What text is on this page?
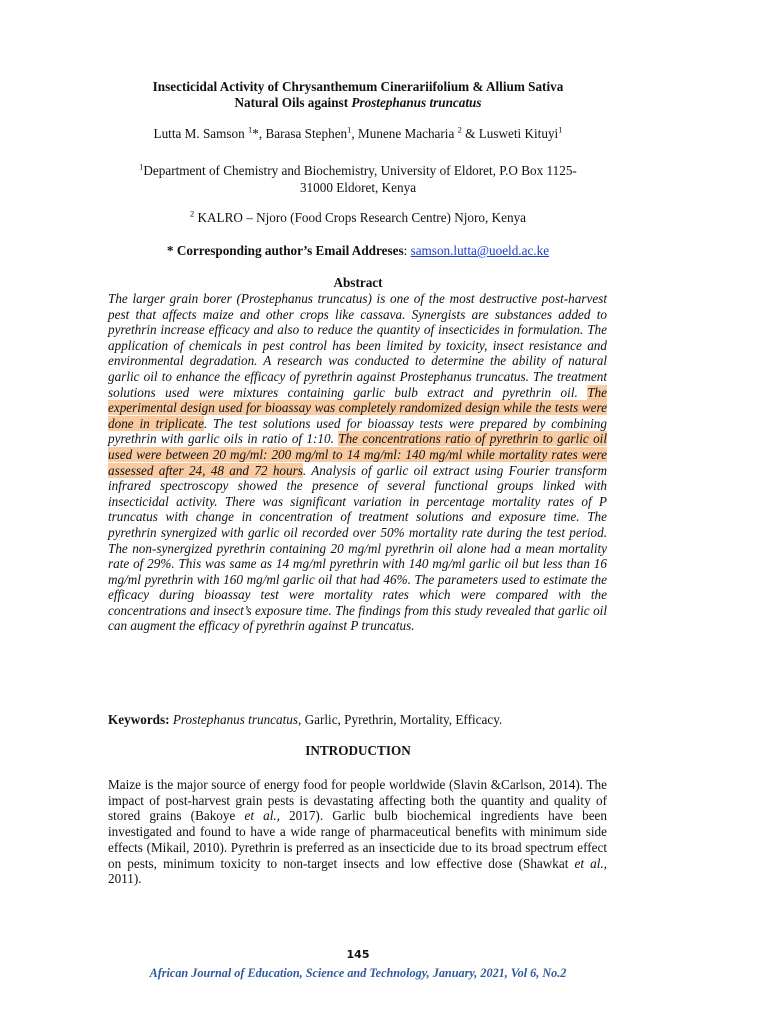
Insecticidal Activity of Chrysanthemum Cinerariifolium & Allium Sativa
Natural Oils against Prostephanus truncatus
Lutta M. Samson $^1$*, Barasa Stephen$^1$, Munene Macharia $^2$ & Lusweti Kituyi$^1$
$^1$Department of Chemistry and Biochemistry, University of Eldoret, P.O Box 1125-
31000 Eldoret, Kenya
$^2$ KALRO – Njoro (Food Crops Research Centre) Njoro, Kenya
* Corresponding author’s Email Addreses: samson.lutta@uoeld.ac.ke
Abstract
The larger grain borer (Prostephanus truncatus) is one of the most destructive post-harvest pest that affects maize and other crops like cassava. Synergists are substances added to pyrethrin increase efficacy and also to reduce the quantity of insecticides in formulation. The application of chemicals in pest control has been limited by toxicity, insect resistance and environmental degradation. A research was conducted to determine the ability of natural garlic oil to enhance the efficacy of pyrethrin against Prostephanus truncatus. The treatment solutions used were mixtures containing garlic bulb extract and pyrethrin oil. The experimental design used for bioassay was completely randomized design while the tests were done in triplicate. The test solutions used for bioassay tests were prepared by combining pyrethrin with garlic oils in ratio of 1:10. The concentrations ratio of pyrethrin to garlic oil used were between 20 mg/ml: 200 mg/ml to 14 mg/ml: 140 mg/ml while mortality rates were assessed after 24, 48 and 72 hours. Analysis of garlic oil extract using Fourier transform infrared spectroscopy showed the presence of several functional groups linked with insecticidal activity. There was significant variation in percentage mortality rates of P truncatus with change in concentration of treatment solutions and exposure time. The pyrethrin synergized with garlic oil recorded over 50% mortality rate during the test period. The non-synergized pyrethrin containing 20 mg/ml pyrethrin oil alone had a mean mortality rate of 29%. This was same as 14 mg/ml pyrethrin with 140 mg/ml garlic oil but less than 16 mg/ml pyrethrin with 160 mg/ml garlic oil that had 46%. The parameters used to estimate the efficacy during bioassay test were mortality rates which were compared with the concentrations and insect’s exposure time. The findings from this study revealed that garlic oil can augment the efficacy of pyrethrin against P truncatus.
Keywords: Prostephanus truncatus, Garlic, Pyrethrin, Mortality, Efficacy.
INTRODUCTION
Maize is the major source of energy food for people worldwide (Slavin &Carlson, 2014). The impact of post-harvest grain pests is devastating affecting both the quantity and quality of stored grains (Bakoye et al., 2017). Garlic bulb biochemical ingredients have been investigated and found to have a wide range of pharmaceutical benefits with minimum side effects (Mikail, 2010). Pyrethrin is preferred as an insecticide due to its broad spectrum effect on pests, minimum toxicity to non-target insects and low effective dose (Shawkat et al., 2011).
145
African Journal of Education, Science and Technology, January, 2021, Vol 6, No.2
